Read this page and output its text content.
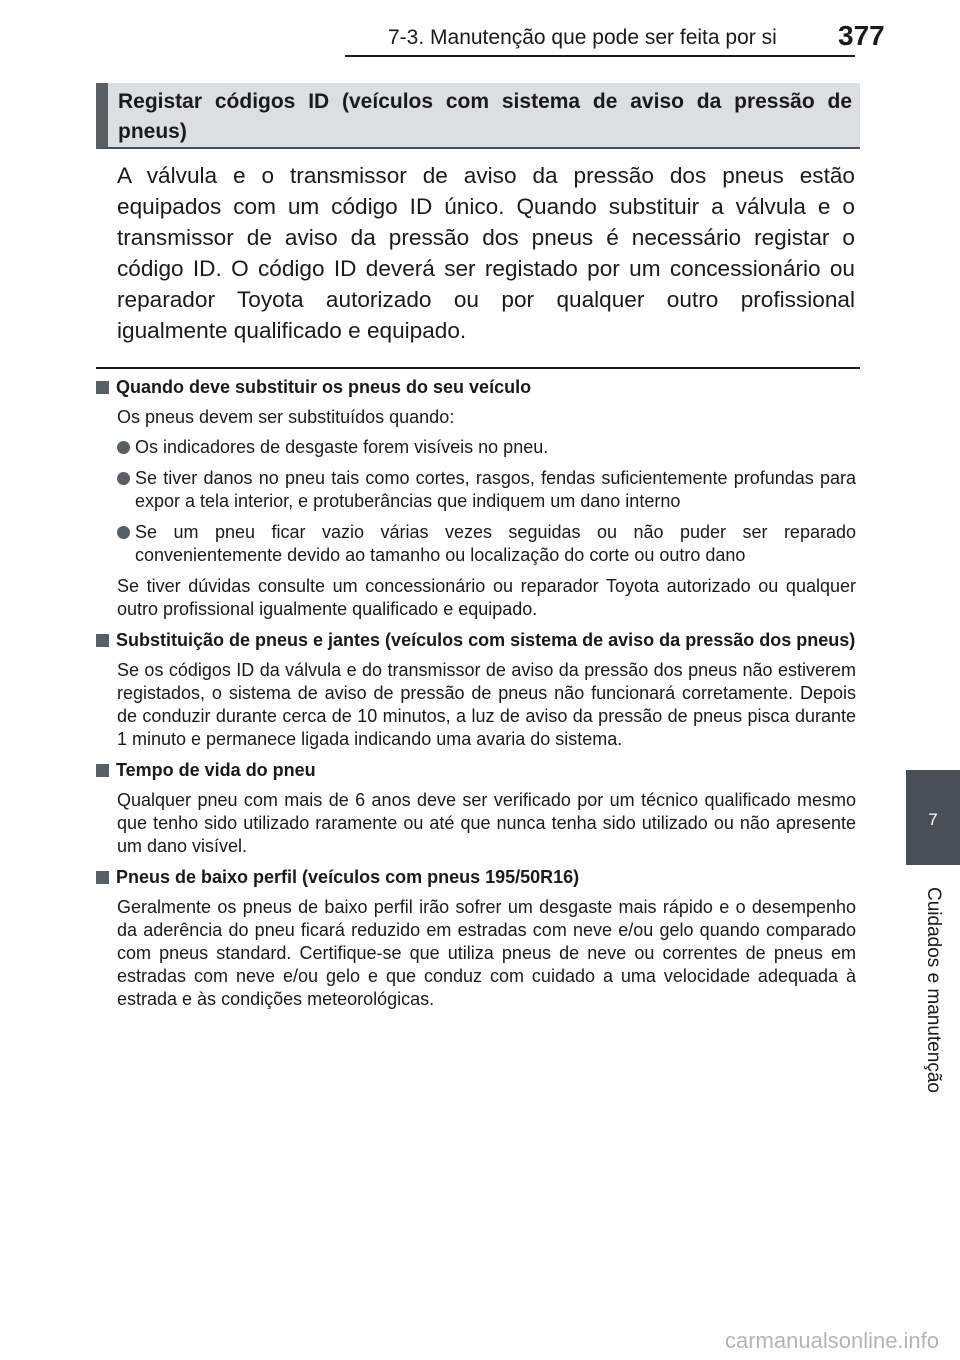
7-3. Manutenção que pode ser feita por si 377
7
Cuidados e manutenção
Registar códigos ID (veículos com sistema de aviso da pressão de pneus)

A válvula e o transmissor de aviso da pressão dos pneus estão equipados com um código ID único. Quando substituir a válvula e o transmissor de aviso da pressão dos pneus é necessário registar o código ID. O código ID deverá ser registado por um concessionário ou reparador Toyota autorizado ou por qualquer outro profissional igualmente qualificado e equipado.

Quando deve substituir os pneus do seu veículo
Os pneus devem ser substituídos quando:
Os indicadores de desgaste forem visíveis no pneu.
Se tiver danos no pneu tais como cortes, rasgos, fendas suficientemente profundas para expor a tela interior, e protuberâncias que indiquem um dano interno
Se um pneu ficar vazio várias vezes seguidas ou não puder ser reparado convenientemente devido ao tamanho ou localização do corte ou outro dano
Se tiver dúvidas consulte um concessionário ou reparador Toyota autorizado ou qualquer outro profissional igualmente qualificado e equipado.
Substituição de pneus e jantes (veículos com sistema de aviso da pressão dos pneus)
Se os códigos ID da válvula e do transmissor de aviso da pressão dos pneus não estiverem registados, o sistema de aviso de pressão de pneus não funcionará corretamente. Depois de conduzir durante cerca de 10 minutos, a luz de aviso da pressão de pneus pisca durante 1 minuto e permanece ligada indicando uma avaria do sistema.
Tempo de vida do pneu
Qualquer pneu com mais de 6 anos deve ser verificado por um técnico qualificado mesmo que tenho sido utilizado raramente ou até que nunca tenha sido utilizado ou não apresente um dano visível.
Pneus de baixo perfil (veículos com pneus 195/50R16)
Geralmente os pneus de baixo perfil irão sofrer um desgaste mais rápido e o desempenho da aderência do pneu ficará reduzido em estradas com neve e/ou gelo quando comparado com pneus standard. Certifique-se que utiliza pneus de neve ou correntes de pneus em estradas com neve e/ou gelo e que conduz com cuidado a uma velocidade adequada à estrada e às condições meteorológicas.
carmanualsonline.info
